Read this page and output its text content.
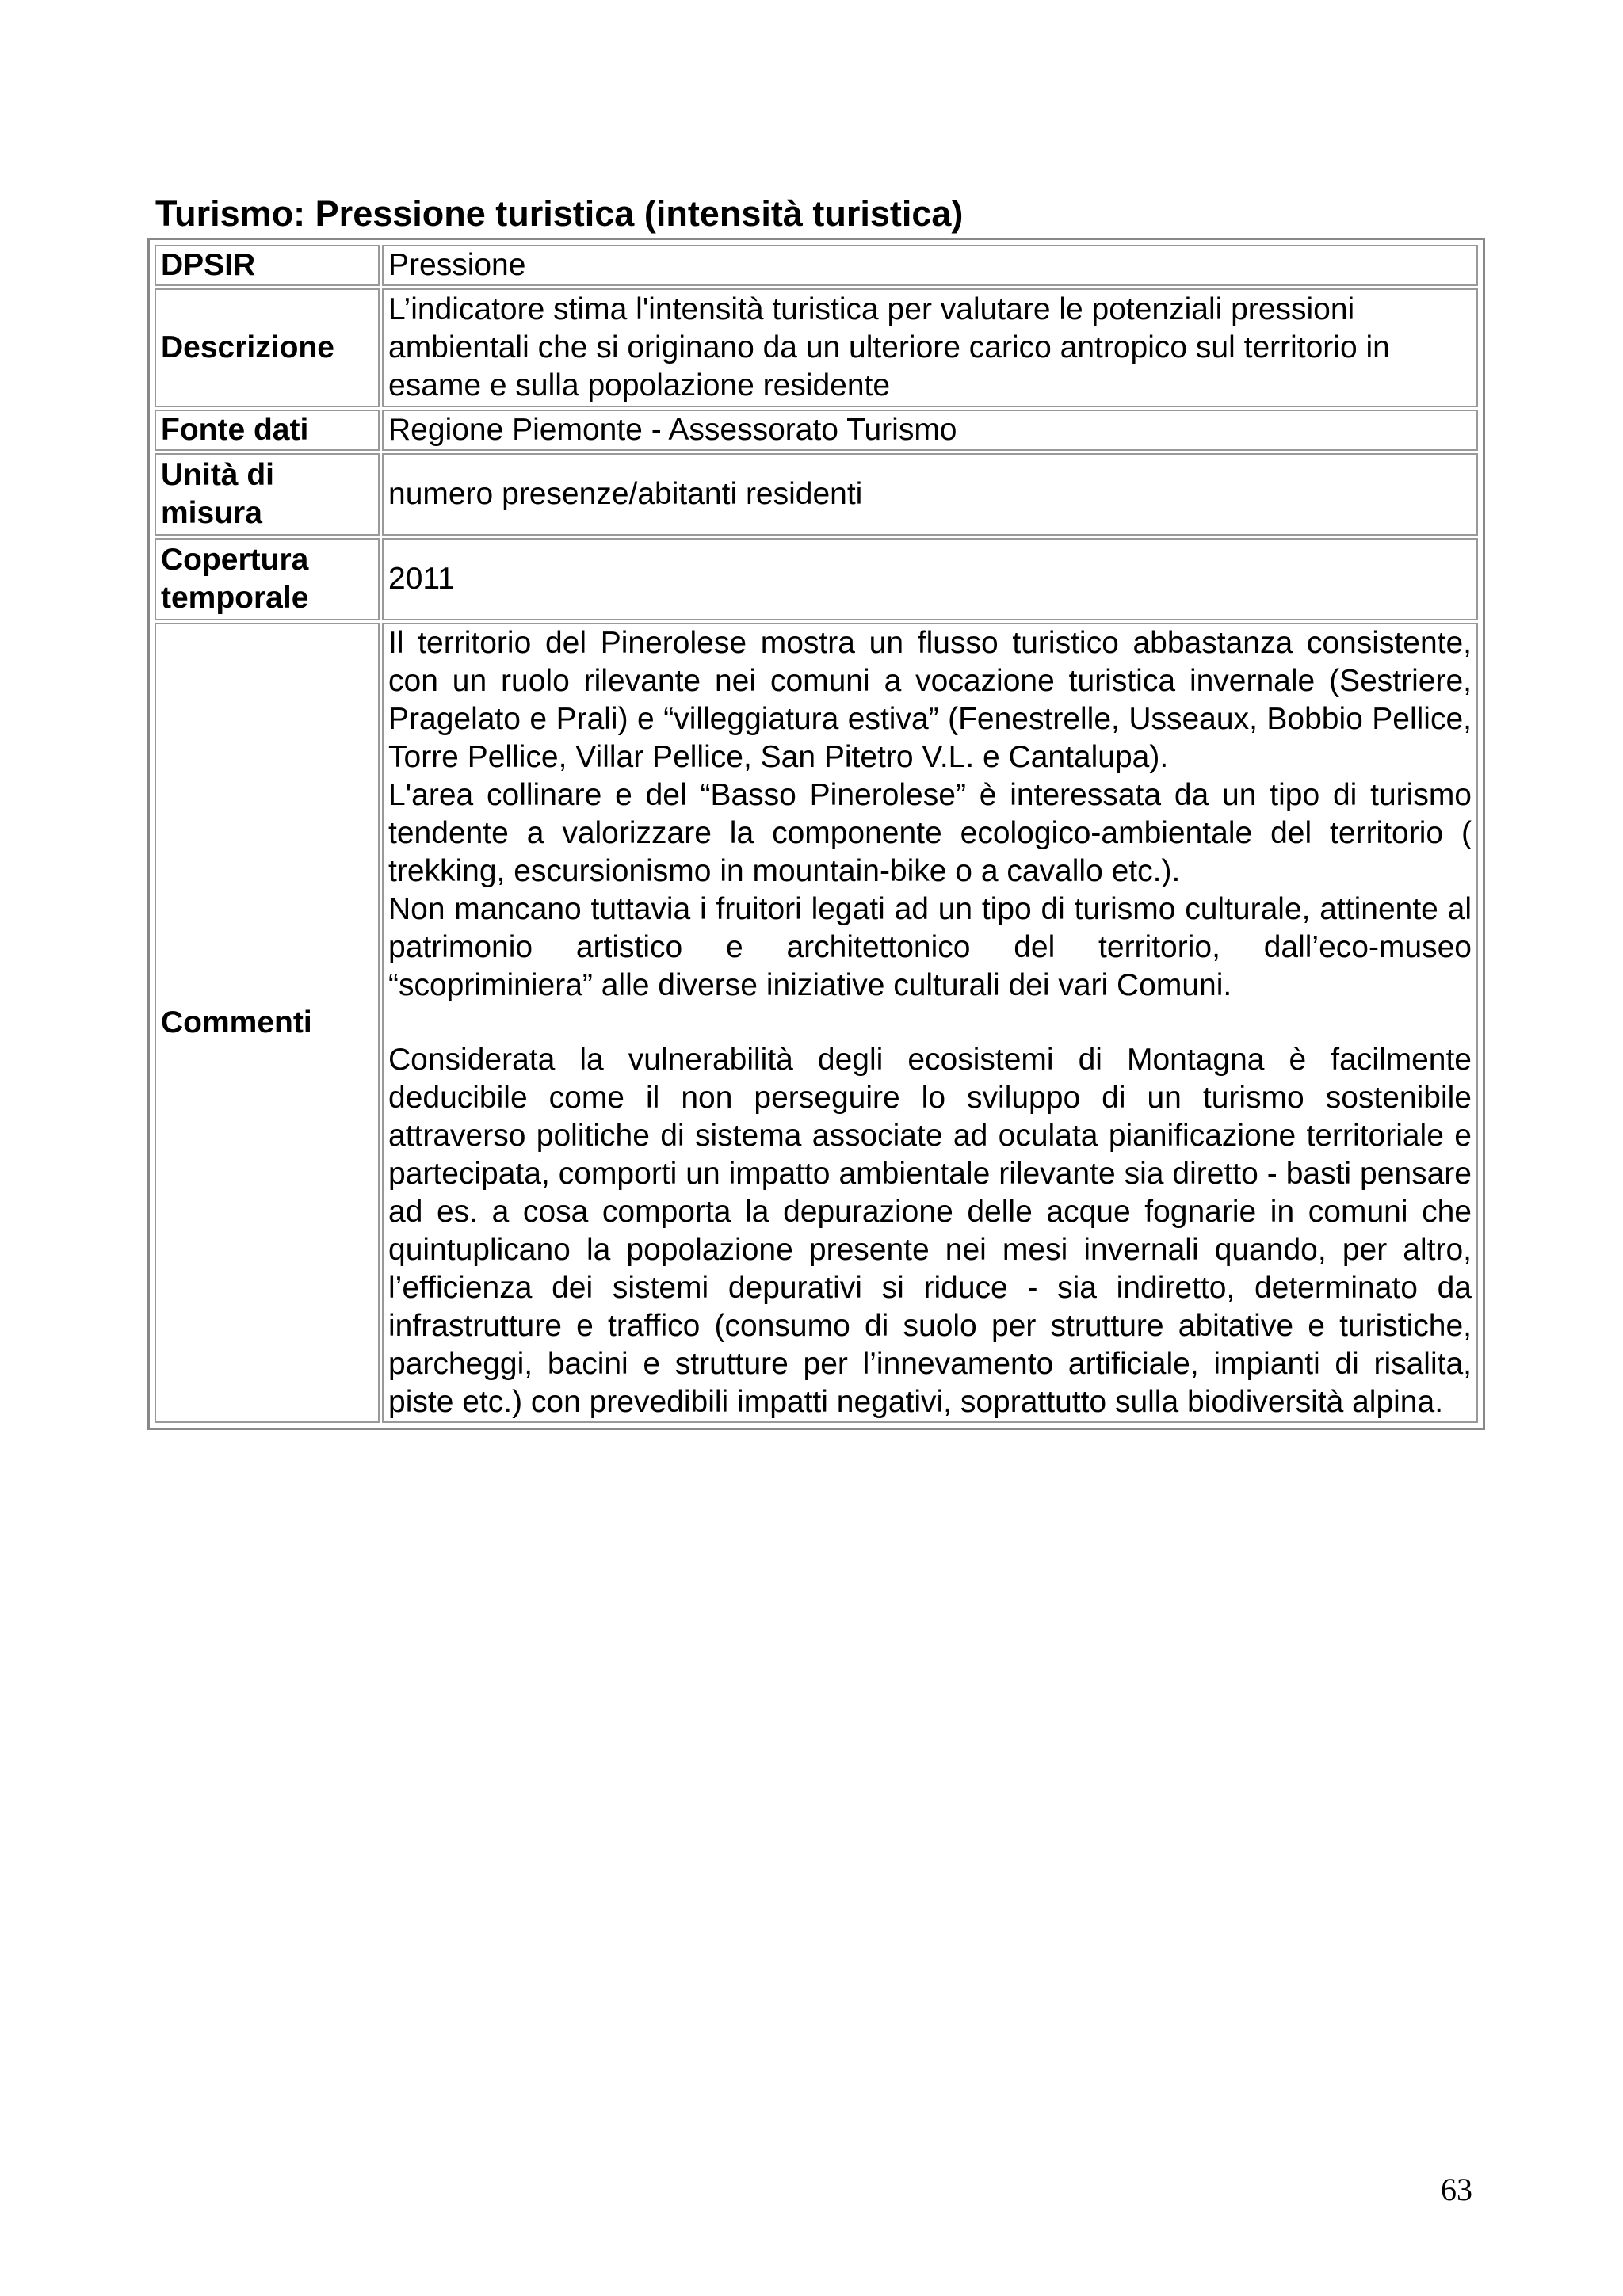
Turismo: Pressione turistica (intensità turistica)
DPSIR	Pressione
Descrizione	L’indicatore stima l'intensità turistica per valutare le potenziali pressioni ambientali che si originano da un ulteriore carico antropico sul territorio in esame e sulla popolazione residente
Fonte dati	Regione Piemonte - Assessorato Turismo
Unità di misura	numero presenze/abitanti residenti
Copertura temporale	2011
Commenti	Il territorio del Pinerolese mostra un flusso turistico abbastanza consistente, con un ruolo rilevante nei comuni a vocazione turistica invernale (Sestriere, Pragelato e Prali) e “villeggiatura estiva” (Fenestrelle, Usseaux, Bobbio Pellice, Torre Pellice, Villar Pellice, San Pitetro V.L. e Cantalupa).
L'area collinare e del “Basso Pinerolese” è interessata da un tipo di turismo tendente a valorizzare la componente ecologico-ambientale del territorio ( trekking, escursionismo in mountain-bike o a cavallo etc.).
Non mancano tuttavia i fruitori legati ad un tipo di turismo culturale, attinente al patrimonio artistico e architettonico del territorio, dall’eco-museo “scopriminiera” alle diverse iniziative culturali dei vari Comuni.
Considerata la vulnerabilità degli ecosistemi di Montagna è facilmente deducibile come il non perseguire lo sviluppo di un turismo sostenibile attraverso politiche di sistema associate ad oculata pianificazione territoriale e partecipata, comporti un impatto ambientale rilevante sia diretto - basti pensare ad es. a cosa comporta la depurazione delle acque fognarie in comuni che quintuplicano la popolazione presente nei mesi invernali quando, per altro, l’efficienza dei sistemi depurativi si riduce - sia indiretto, determinato da infrastrutture e traffico (consumo di suolo per strutture abitative e turistiche, parcheggi, bacini e strutture per l’innevamento artificiale, impianti di risalita, piste etc.) con prevedibili impatti negativi, soprattutto sulla biodiversità alpina.
63
